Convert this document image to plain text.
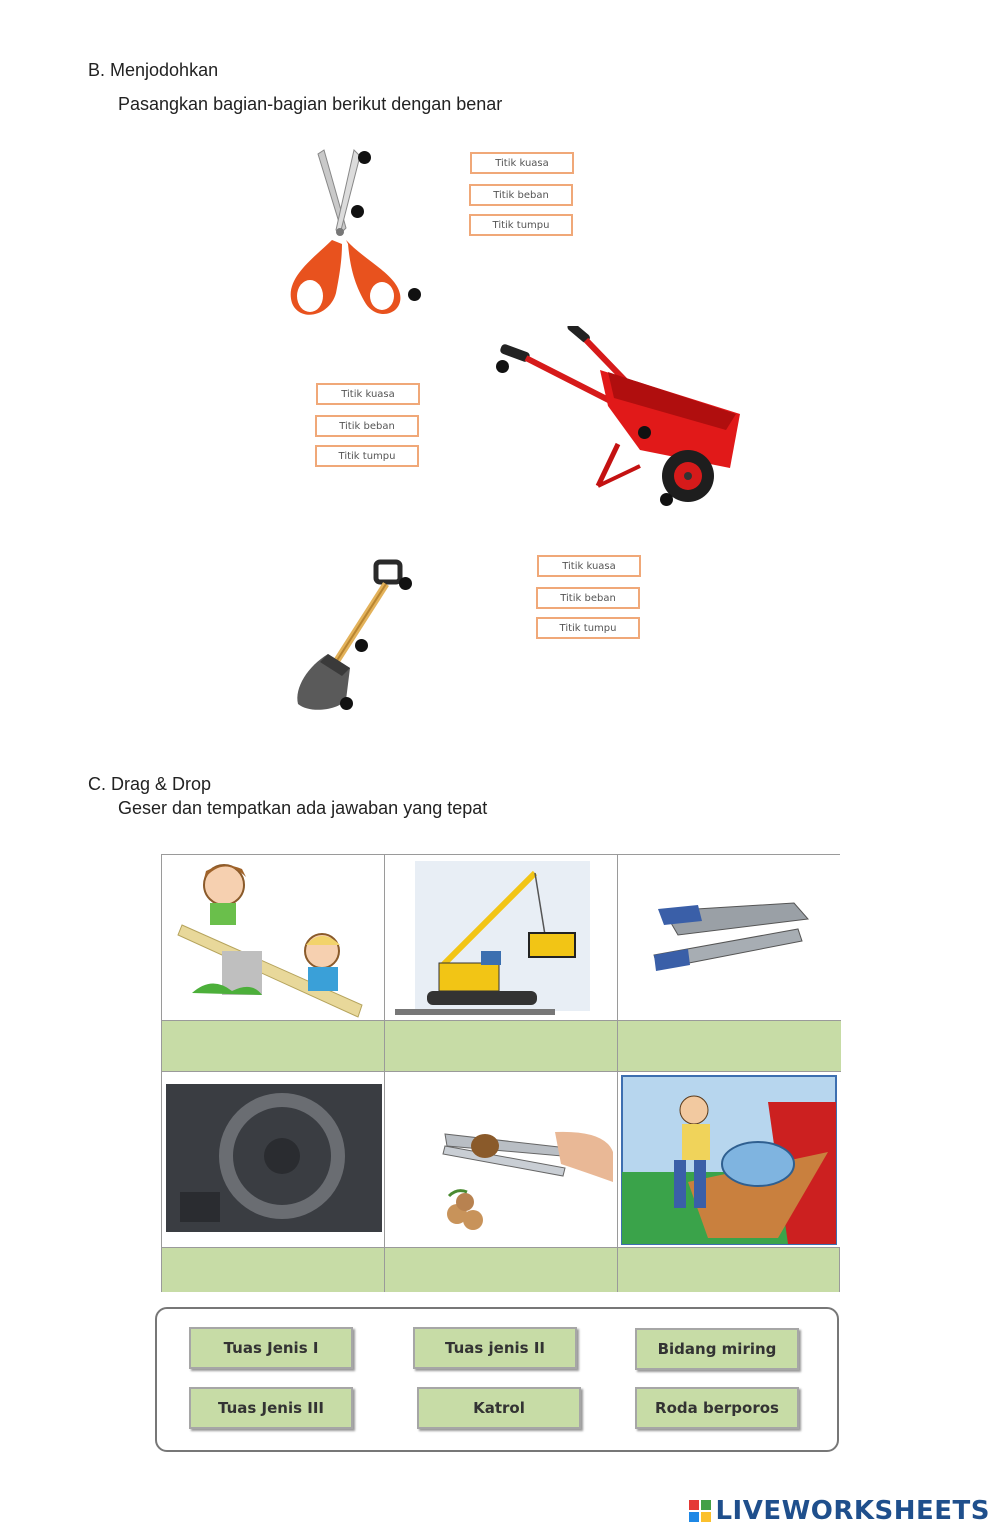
B. Menjodohkan
Pasangkan bagian-bagian berikut dengan benar
Titik kuasa
Titik beban
Titik tumpu
Titik kuasa
Titik beban
Titik tumpu
Titik kuasa
Titik beban
Titik tumpu
C. Drag & Drop
Geser dan tempatkan ada jawaban yang tepat
Tuas Jenis I	Tuas jenis II	Bidang miring
Tuas Jenis III	Katrol	Roda berporos
LIVEWORKSHEETS
